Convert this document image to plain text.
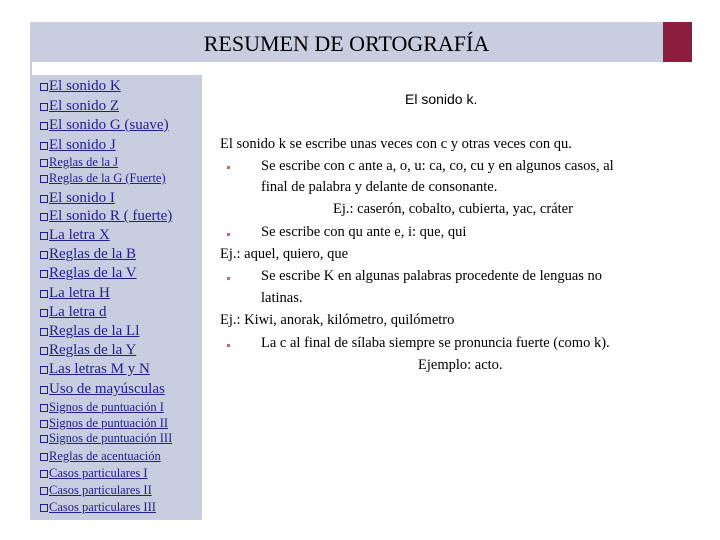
RESUMEN DE ORTOGRAFÍA
El sonido K
El sonido Z
El sonido G (suave)
El sonido J
Reglas de la J
Reglas de la G (Fuerte)
El sonido I
El sonido R ( fuerte)
La letra X
Reglas de la B
Reglas de la V
La letra H
La letra d
Reglas de la Ll
Reglas de la Y
Las letras M y N
Uso de mayúsculas
Signos de puntuación I
Signos de puntuación II
Signos de puntuación III
Reglas de acentuación
Casos particulares I
Casos particulares II
Casos particulares III
El sonido k.
El sonido k se escribe unas veces con c y otras veces con qu.
Se escribe con c ante a, o, u: ca, co, cu y en algunos casos, al
final de palabra y delante de consonante.
Ej.: caserón, cobalto, cubierta, yac, cráter
Se escribe con qu ante e, i: que, qui
Ej.: aquel, quiero, que
Se escribe K en algunas palabras procedente de lenguas no
latinas.
Ej.: Kiwi, anorak, kilómetro, quilómetro
La c al final de sílaba siempre se pronuncia fuerte (como k).
Ejemplo: acto.
